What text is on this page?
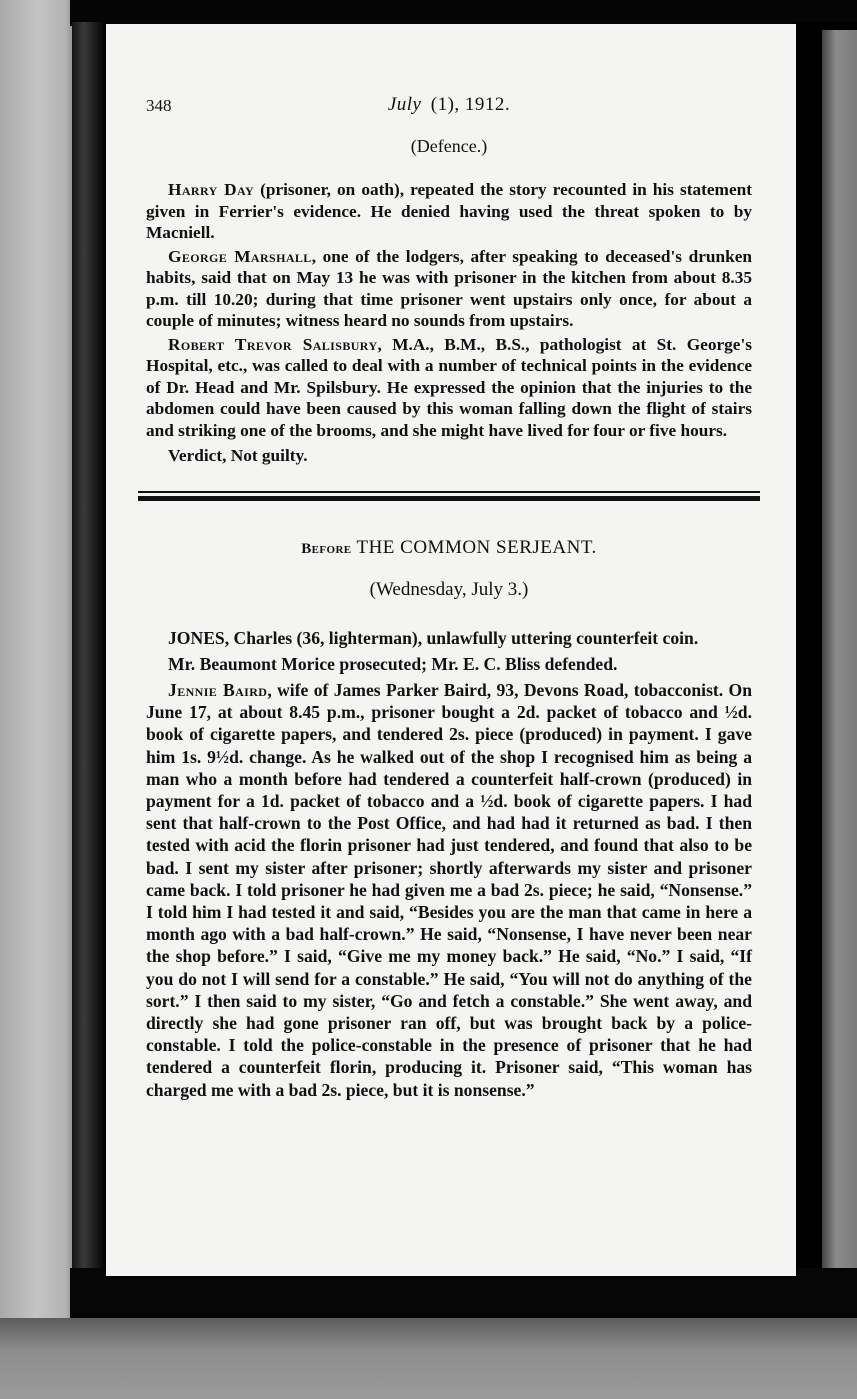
348	July (1), 1912.
(Defence.)

Harry Day (prisoner, on oath), repeated the story recounted in his statement given in Ferrier's evidence. He denied having used the threat spoken to by Macniell.

George Marshall, one of the lodgers, after speaking to deceased's drunken habits, said that on May 13 he was with prisoner in the kitchen from about 8.35 p.m. till 10.20; during that time prisoner went upstairs only once, for about a couple of minutes; witness heard no sounds from upstairs.

Robert Trevor Salisbury, M.A., B.M., B.S., pathologist at St. George's Hospital, etc., was called to deal with a number of technical points in the evidence of Dr. Head and Mr. Spilsbury. He expressed the opinion that the injuries to the abdomen could have been caused by this woman falling down the flight of stairs and striking one of the brooms, and she might have lived for four or five hours.

Verdict, Not guilty.

Before THE COMMON SERJEANT.
(Wednesday, July 3.)

JONES, Charles (36, lighterman), unlawfully uttering counterfeit coin.

Mr. Beaumont Morice prosecuted; Mr. E. C. Bliss defended.

Jennie Baird, wife of James Parker Baird, 93, Devons Road, tobacconist. On June 17, at about 8.45 p.m., prisoner bought a 2d. packet of tobacco and ½d. book of cigarette papers, and tendered 2s. piece (produced) in payment. I gave him 1s. 9½d. change. As he walked out of the shop I recognised him as being a man who a month before had tendered a counterfeit half-crown (produced) in payment for a 1d. packet of tobacco and a ½d. book of cigarette papers. I had sent that half-crown to the Post Office, and had had it returned as bad. I then tested with acid the florin prisoner had just tendered, and found that also to be bad. I sent my sister after prisoner; shortly afterwards my sister and prisoner came back. I told prisoner he had given me a bad 2s. piece; he said, “Nonsense.” I told him I had tested it and said, “Besides you are the man that came in here a month ago with a bad half-crown.” He said, “Nonsense, I have never been near the shop before.” I said, “Give me my money back.” He said, “No.” I said, “If you do not I will send for a constable.” He said, “You will not do anything of the sort.” I then said to my sister, “Go and fetch a constable.” She went away, and directly she had gone prisoner ran off, but was brought back by a police-constable. I told the police-constable in the presence of prisoner that he had tendered a counterfeit florin, producing it. Prisoner said, “This woman has charged me with a bad 2s. piece, but it is nonsense.”
